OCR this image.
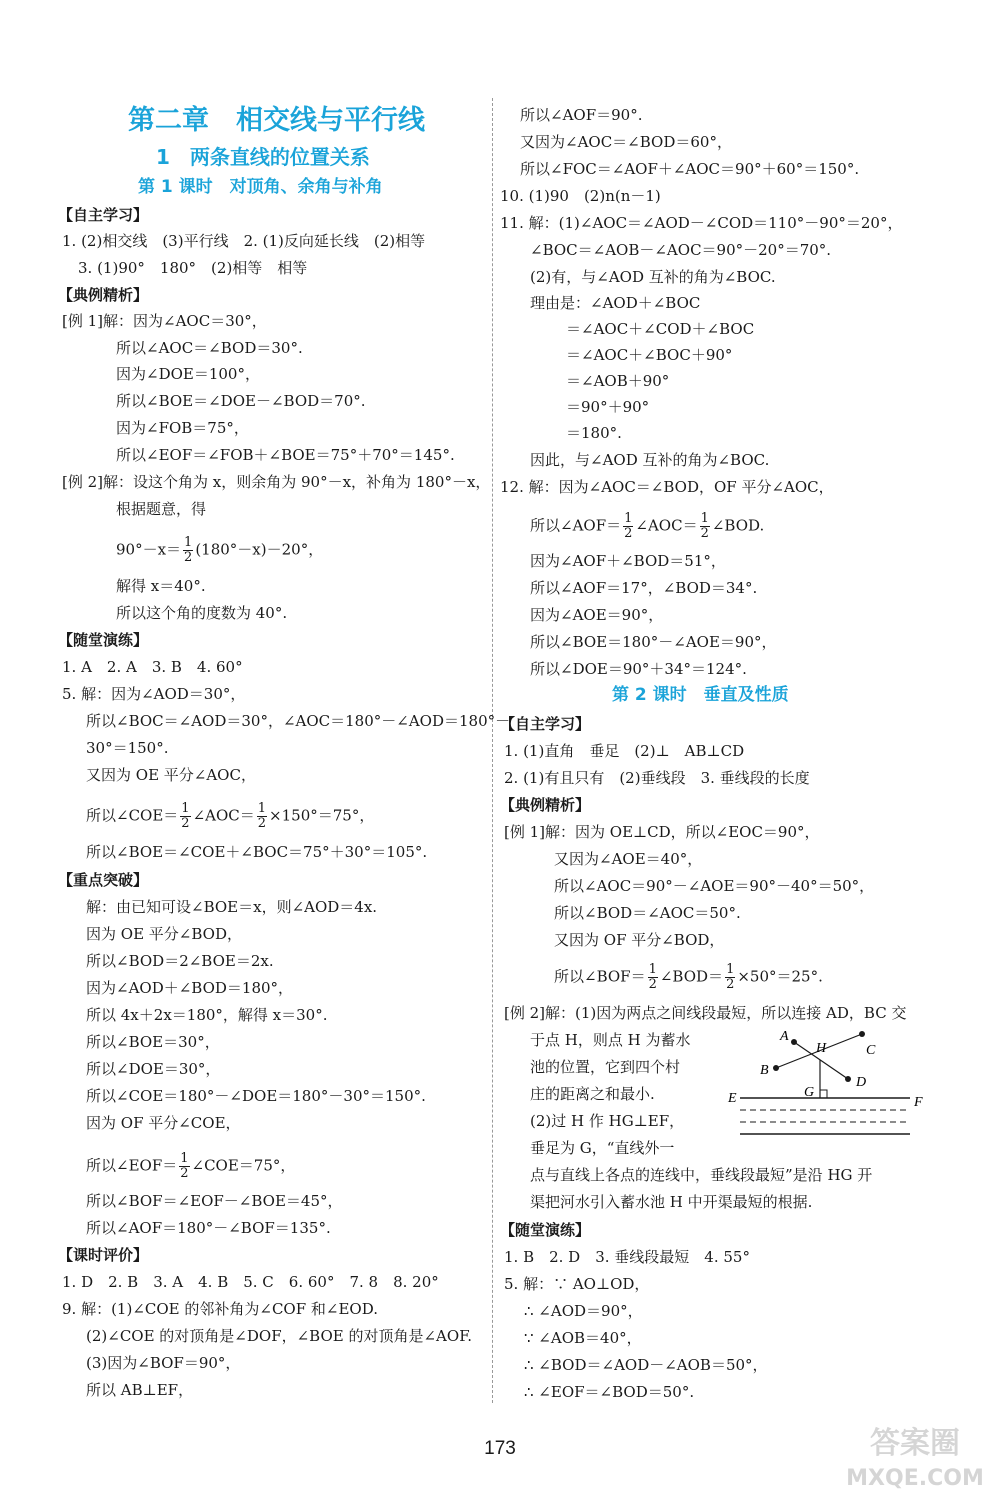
第二章　相交线与平行线
1　两条直线的位置关系
第 1 课时　对顶角、余角与补角
【自主学习】
1. (2)相交线　(3)平行线　2. (1)反向延长线　(2)相等
3. (1)90°　180°　(2)相等　相等
【典例精析】
[例 1]解：因为∠AOC＝30°，
所以∠AOC＝∠BOD＝30°.
因为∠DOE＝100°，
所以∠BOE＝∠DOE－∠BOD＝70°.
因为∠FOB＝75°，
所以∠EOF＝∠FOB＋∠BOE＝75°＋70°＝145°.
[例 2]解：设这个角为 x，则余角为 90°－x，补角为 180°－x，
根据题意，得
$90^\circ-x= \frac{1}{2} (180^\circ-x)-20^\circ$，
解得 x＝40°.
所以这个角的度数为 40°.
【随堂演练】
1. A　2. A　3. B　4. 60°
5. 解：因为∠AOD＝30°，
所以∠BOC＝∠AOD＝30°，∠AOC＝180°－∠AOD＝180°－
30°＝150°.
又因为 OE 平分∠AOC，
所以∠COE＝ $\frac{1}{2}$ ∠AOC＝ $\frac{1}{2} \times 150^\circ=75^\circ$，
所以∠BOE＝∠COE＋∠BOC＝75°＋30°＝105°.
【重点突破】
解：由已知可设∠BOE＝x，则∠AOD＝4x.
因为 OE 平分∠BOD，
所以∠BOD＝2∠BOE＝2x.
因为∠AOD＋∠BOD＝180°，
所以 4x＋2x＝180°，解得 x＝30°.
所以∠BOE＝30°，
所以∠DOE＝30°，
所以∠COE＝180°－∠DOE＝180°－30°＝150°.
因为 OF 平分∠COE，
所以∠EOF＝ $\frac{1}{2}$ ∠COE＝75°，
所以∠BOF＝∠EOF－∠BOE＝45°，
所以∠AOF＝180°－∠BOF＝135°.
【课时评价】
1. D　2. B　3. A　4. B　5. C　6. 60°　7. 8　8. 20°
9. 解：(1)∠COE 的邻补角为∠COF 和∠EOD.
(2)∠COE 的对顶角是∠DOF，∠BOE 的对顶角是∠AOF.
(3)因为∠BOF＝90°，
所以 AB⊥EF，
所以∠AOF＝90°.
又因为∠AOC＝∠BOD＝60°，
所以∠FOC＝∠AOF＋∠AOC＝90°＋60°＝150°.
10. (1)90　(2)n(n－1)
11. 解：(1)∠AOC＝∠AOD－∠COD＝110°－90°＝20°，
∠BOC＝∠AOB－∠AOC＝90°－20°＝70°.
(2)有，与∠AOD 互补的角为∠BOC.
理由是：∠AOD＋∠BOC
＝∠AOC＋∠COD＋∠BOC
＝∠AOC＋∠BOC＋90°
＝∠AOB＋90°
＝90°＋90°
＝180°.
因此，与∠AOD 互补的角为∠BOC.
12. 解：因为∠AOC＝∠BOD，OF 平分∠AOC，
所以∠AOF＝ $\frac{1}{2}$ ∠AOC＝ $\frac{1}{2}$ ∠BOD.
因为∠AOF＋∠BOD＝51°，
所以∠AOF＝17°，∠BOD＝34°.
因为∠AOE＝90°，
所以∠BOE＝180°－∠AOE＝90°，
所以∠DOE＝90°＋34°＝124°.
第 2 课时　垂直及性质
【自主学习】
1. (1)直角　垂足　(2)⊥　AB⊥CD
2. (1)有且只有　(2)垂线段　3. 垂线段的长度
【典例精析】
[例 1]解：因为 OE⊥CD，所以∠EOC＝90°，
又因为∠AOE＝40°，
所以∠AOC＝90°－∠AOE＝90°－40°＝50°，
所以∠BOD＝∠AOC＝50°.
又因为 OF 平分∠BOD，
所以∠BOF＝ $\frac{1}{2}$ ∠BOD＝ $\frac{1}{2} \times 50^\circ=25^\circ$.
[例 2]解：(1)因为两点之间线段最短，所以连接 AD，BC 交
于点 H，则点 H 为蓄水
池的位置，它到四个村
庄的距离之和最小.
(2)过 H 作 HG⊥EF，
垂足为 G，“直线外一
点与直线上各点的连线中，垂线段最短”是沿 HG 开
渠把河水引入蓄水池 H 中开渠最短的根据.
A
B
C
D
H
G
E	F
【随堂演练】
1. B　2. D　3. 垂线段最短　4. 55°
5. 解：∵ AO⊥OD，
∴ ∠AOD＝90°，
∵ ∠AOB＝40°，
∴ ∠BOD＝∠AOD－∠AOB＝50°，
∴ ∠EOF＝∠BOD＝50°.
173	答案圈
MXQE.COM
